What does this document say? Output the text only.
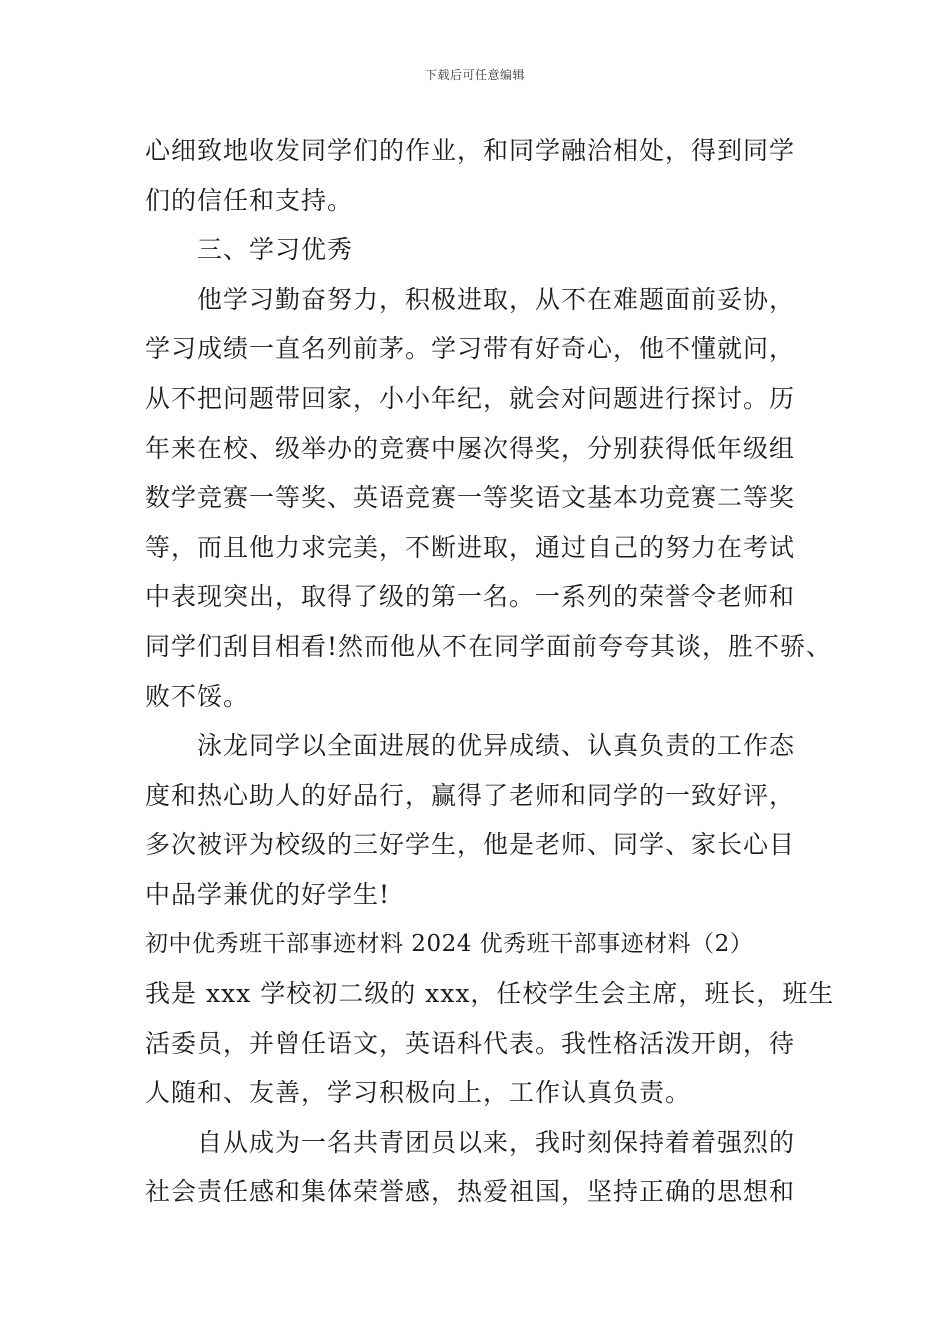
下载后可任意编辑
心细致地收发同学们的作业，和同学融洽相处，得到同学
们的信任和支持。
三、学习优秀
他学习勤奋努力，积极进取，从不在难题面前妥协，
学习成绩一直名列前茅。学习带有好奇心，他不懂就问，
从不把问题带回家，小小年纪，就会对问题进行探讨。历
年来在校、级举办的竞赛中屡次得奖，分别获得低年级组
数学竞赛一等奖、英语竞赛一等奖语文基本功竞赛二等奖
等，而且他力求完美，不断进取，通过自己的努力在考试
中表现突出，取得了级的第一名。一系列的荣誉令老师和
同学们刮目相看!然而他从不在同学面前夸夸其谈，胜不骄、
败不馁。
泳龙同学以全面进展的优异成绩、认真负责的工作态
度和热心助人的好品行，赢得了老师和同学的一致好评，
多次被评为校级的三好学生，他是老师、同学、家长心目
中品学兼优的好学生!
初中优秀班干部事迹材料 2024 优秀班干部事迹材料（2）
我是 xxx 学校初二级的 xxx，任校学生会主席，班长，班生
活委员，并曾任语文，英语科代表。我性格活泼开朗，待
人随和、友善，学习积极向上，工作认真负责。
自从成为一名共青团员以来，我时刻保持着着强烈的
社会责任感和集体荣誉感，热爱祖国，坚持正确的思想和
